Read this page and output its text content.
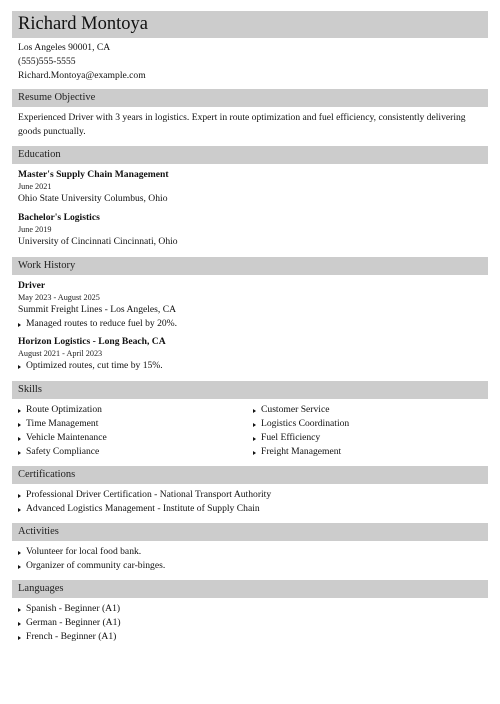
Richard Montoya
Los Angeles 90001, CA
(555)555-5555
Richard.Montoya@example.com
Resume Objective
Experienced Driver with 3 years in logistics. Expert in route optimization and fuel efficiency, consistently delivering goods punctually.
Education
Master's Supply Chain Management
June 2021
Ohio State University Columbus, Ohio
Bachelor's Logistics
June 2019
University of Cincinnati Cincinnati, Ohio
Work History
Driver
May 2023 - August 2025
Summit Freight Lines - Los Angeles, CA
Managed routes to reduce fuel by 20%.
Horizon Logistics - Long Beach, CA
August 2021 - April 2023
Optimized routes, cut time by 15%.
Skills
Route Optimization
Time Management
Vehicle Maintenance
Safety Compliance
Customer Service
Logistics Coordination
Fuel Efficiency
Freight Management
Certifications
Professional Driver Certification - National Transport Authority
Advanced Logistics Management - Institute of Supply Chain
Activities
Volunteer for local food bank.
Organizer of community car-binges.
Languages
Spanish - Beginner (A1)
German - Beginner (A1)
French - Beginner (A1)
